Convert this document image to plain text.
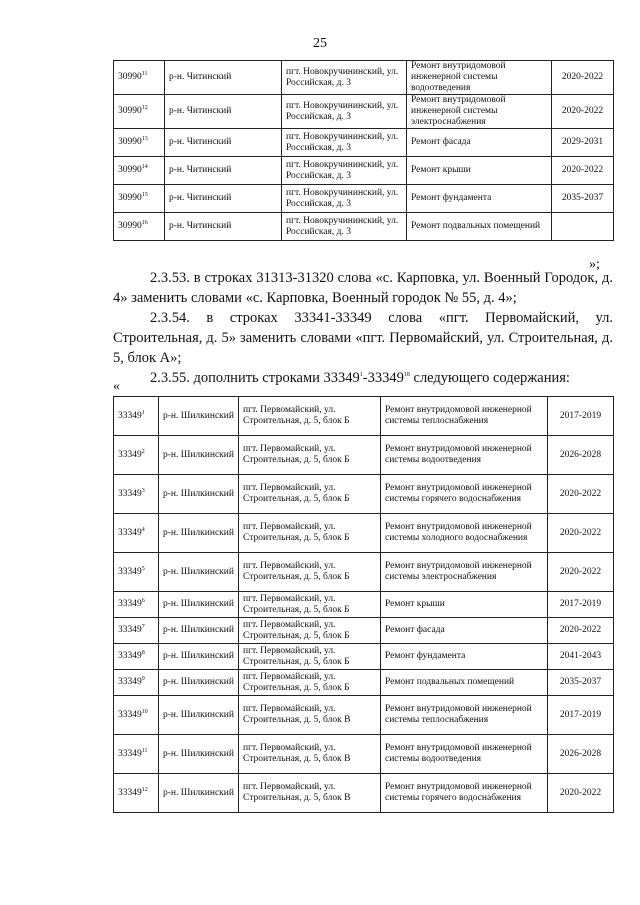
25
30990$^{11}$	р-н. Читинский	пгт. Новокручининский, ул. Российская, д. 3	Ремонт внутридомовой инженерной системы водоотведения	2020-2022
30990$^{12}$	р-н. Читинский	пгт. Новокручининский, ул. Российская, д. 3	Ремонт внутридомовой инженерной системы электроснабжения	2020-2022
30990$^{13}$	р-н. Читинский	пгт. Новокручининский, ул. Российская, д. 3	Ремонт фасада	2029-2031
30990$^{14}$	р-н. Читинский	пгт. Новокручининский, ул. Российская, д. 3	Ремонт крыши	2020-2022
30990$^{15}$	р-н. Читинский	пгт. Новокручининский, ул. Российская, д. 3	Ремонт фундамента	2035-2037
30990$^{16}$	р-н. Читинский	пгт. Новокручининский, ул. Российская, д. 3	Ремонт подвальных помещений	
»;

2.3.53. в строках 31313-31320 слова «с. Карповка, ул. Военный Городок, д. 4» заменить словами «с. Карповка, Военный городок № 55, д. 4»;

2.3.54. в строках 33341-33349 слова «пгт. Первомайский, ул. Строительная, д. 5» заменить словами «пгт. Первомайский, ул. Строительная, д. 5, блок А»;

2.3.55. дополнить строками 33349$^1$-33349$^{18}$ следующего содержания:

«
33349$^1$	р-н. Шилкинский	пгт. Первомайский, ул. Строительная, д. 5, блок Б	Ремонт внутридомовой инженерной системы теплоснабжения	2017-2019
33349$^2$	р-н. Шилкинский	пгт. Первомайский, ул. Строительная, д. 5, блок Б	Ремонт внутридомовой инженерной системы водоотведения	2026-2028
33349$^3$	р-н. Шилкинский	пгт. Первомайский, ул. Строительная, д. 5, блок Б	Ремонт внутридомовой инженерной системы горячего водоснабжения	2020-2022
33349$^4$	р-н. Шилкинский	пгт. Первомайский, ул. Строительная, д. 5, блок Б	Ремонт внутридомовой инженерной системы холодного водоснабжения	2020-2022
33349$^5$	р-н. Шилкинский	пгт. Первомайский, ул. Строительная, д. 5, блок Б	Ремонт внутридомовой инженерной системы электроснабжения	2020-2022
33349$^6$	р-н. Шилкинский	пгт. Первомайский, ул. Строительная, д. 5, блок Б	Ремонт крыши	2017-2019
33349$^7$	р-н. Шилкинский	пгт. Первомайский, ул. Строительная, д. 5, блок Б	Ремонт фасада	2020-2022
33349$^8$	р-н. Шилкинский	пгт. Первомайский, ул. Строительная, д. 5, блок Б	Ремонт фундамента	2041-2043
33349$^9$	р-н. Шилкинский	пгт. Первомайский, ул. Строительная, д. 5, блок Б	Ремонт подвальных помещений	2035-2037
33349$^{10}$	р-н. Шилкинский	пгт. Первомайский, ул. Строительная, д. 5, блок В	Ремонт внутридомовой инженерной системы теплоснабжения	2017-2019
33349$^{11}$	р-н. Шилкинский	пгт. Первомайский, ул. Строительная, д. 5, блок В	Ремонт внутридомовой инженерной системы водоотведения	2026-2028
33349$^{12}$	р-н. Шилкинский	пгт. Первомайский, ул. Строительная, д. 5, блок В	Ремонт внутридомовой инженерной системы горячего водоснабжения	2020-2022
